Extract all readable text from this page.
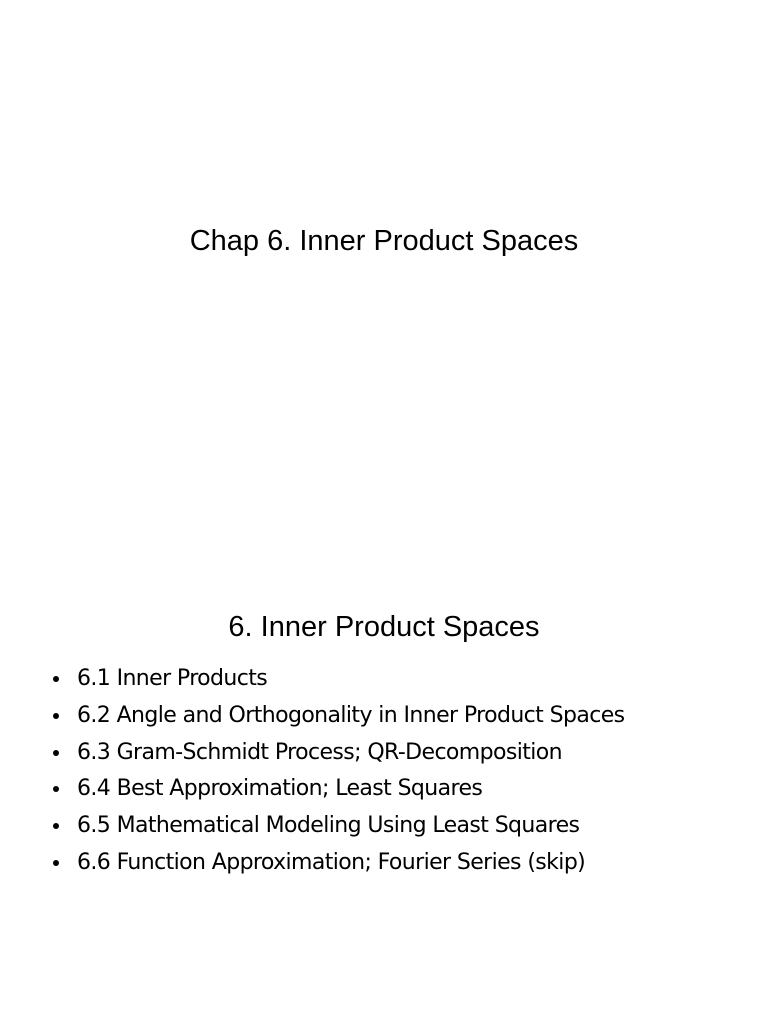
Chap 6. Inner Product Spaces
6. Inner Product Spaces
6.1 Inner Products
6.2 Angle and Orthogonality in Inner Product Spaces
6.3 Gram-Schmidt Process; QR-Decomposition
6.4 Best Approximation; Least Squares
6.5 Mathematical Modeling Using Least Squares
6.6 Function Approximation; Fourier Series (skip)
